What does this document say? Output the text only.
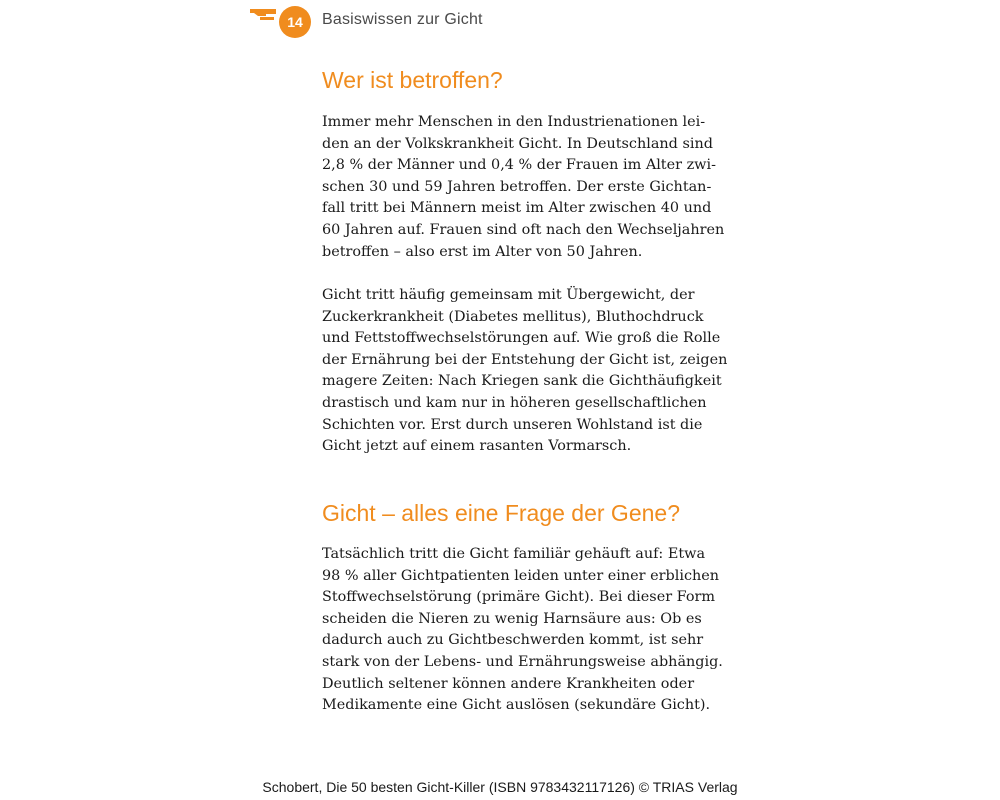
14	Basiswissen zur Gicht
Wer ist betroffen?
Immer mehr Menschen in den Industrienationen lei-
den an der Volkskrankheit Gicht. In Deutschland sind
2,8 % der Männer und 0,4 % der Frauen im Alter zwi-
schen 30 und 59 Jahren betroffen. Der erste Gichtan-
fall tritt bei Männern meist im Alter zwischen 40 und
60 Jahren auf. Frauen sind oft nach den Wechseljahren
betroffen – also erst im Alter von 50 Jahren.
Gicht tritt häufig gemeinsam mit Übergewicht, der
Zuckerkrankheit (Diabetes mellitus), Bluthochdruck
und Fettstoffwechselstörungen auf. Wie groß die Rolle
der Ernährung bei der Entstehung der Gicht ist, zeigen
magere Zeiten: Nach Kriegen sank die Gichthäufigkeit
drastisch und kam nur in höheren gesellschaftlichen
Schichten vor. Erst durch unseren Wohlstand ist die
Gicht jetzt auf einem rasanten Vormarsch.
Gicht – alles eine Frage der Gene?
Tatsächlich tritt die Gicht familiär gehäuft auf: Etwa
98 % aller Gichtpatienten leiden unter einer erblichen
Stoffwechselstörung (primäre Gicht). Bei dieser Form
scheiden die Nieren zu wenig Harnsäure aus: Ob es
dadurch auch zu Gichtbeschwerden kommt, ist sehr
stark von der Lebens- und Ernährungsweise abhängig.
Deutlich seltener können andere Krankheiten oder
Medikamente eine Gicht auslösen (sekundäre Gicht).
Schobert, Die 50 besten Gicht-Killer (ISBN 9783432117126) © TRIAS Verlag
